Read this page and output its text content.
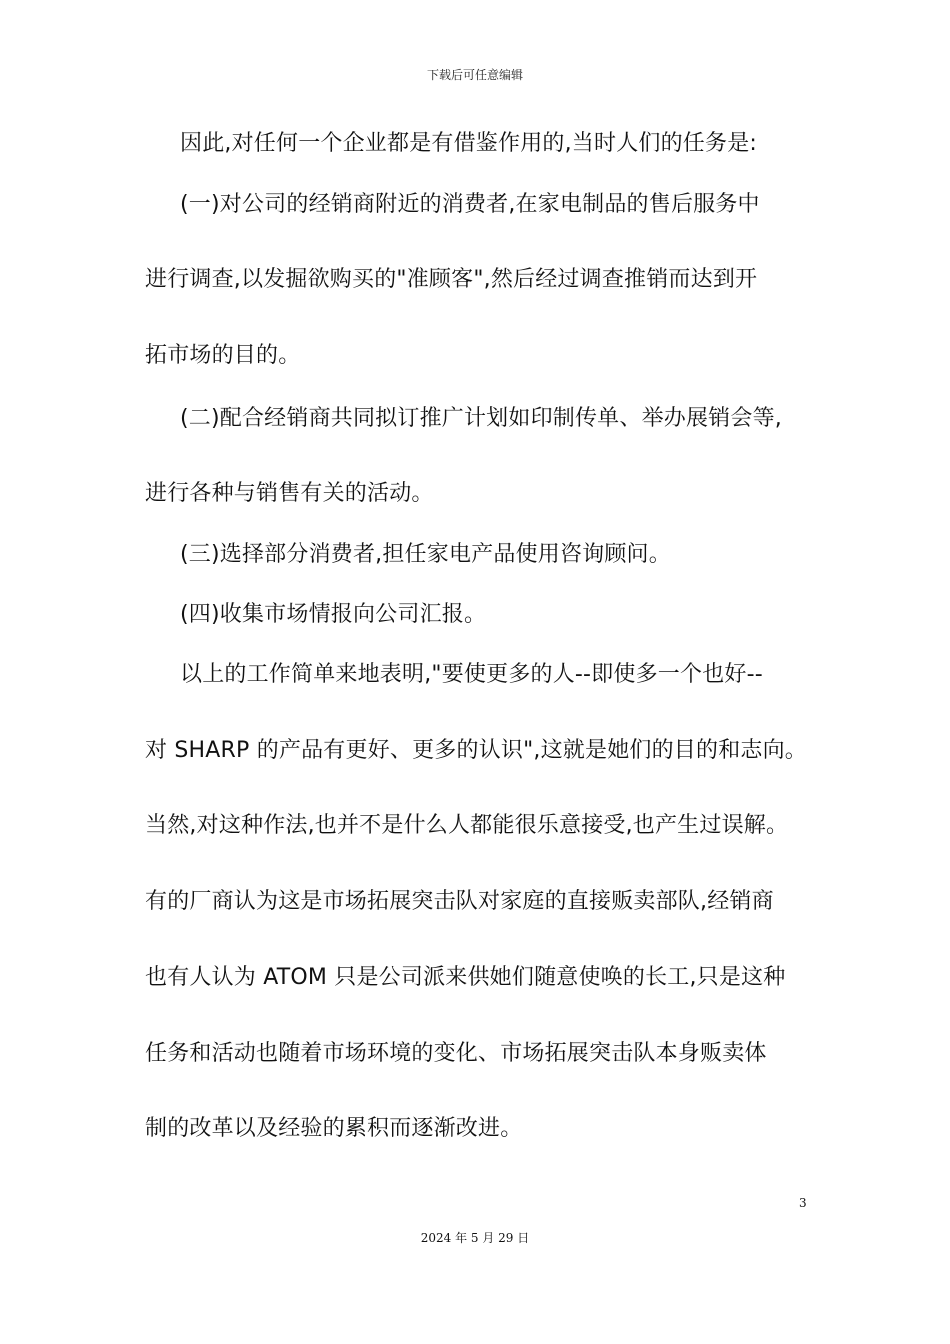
下载后可任意编辑
因此,对任何一个企业都是有借鉴作用的,当时人们的任务是:
(一)对公司的经销商附近的消费者,在家电制品的售后服务中
进行调查,以发掘欲购买的"准顾客",然后经过调查推销而达到开
拓市场的目的。
(二)配合经销商共同拟订推广计划如印制传单、举办展销会等,
进行各种与销售有关的活动。
(三)选择部分消费者,担任家电产品使用咨询顾问。
(四)收集市场情报向公司汇报。
以上的工作简单来地表明,"要使更多的人--即使多一个也好--
对 SHARP 的产品有更好、更多的认识",这就是她们的目的和志向。
当然,对这种作法,也并不是什么人都能很乐意接受,也产生过误解。
有的厂商认为这是市场拓展突击队对家庭的直接贩卖部队,经销商
也有人认为 ATOM 只是公司派来供她们随意使唤的长工,只是这种
任务和活动也随着市场环境的变化、市场拓展突击队本身贩卖体
制的改革以及经验的累积而逐渐改进。
3
2024 年 5 月 29 日
